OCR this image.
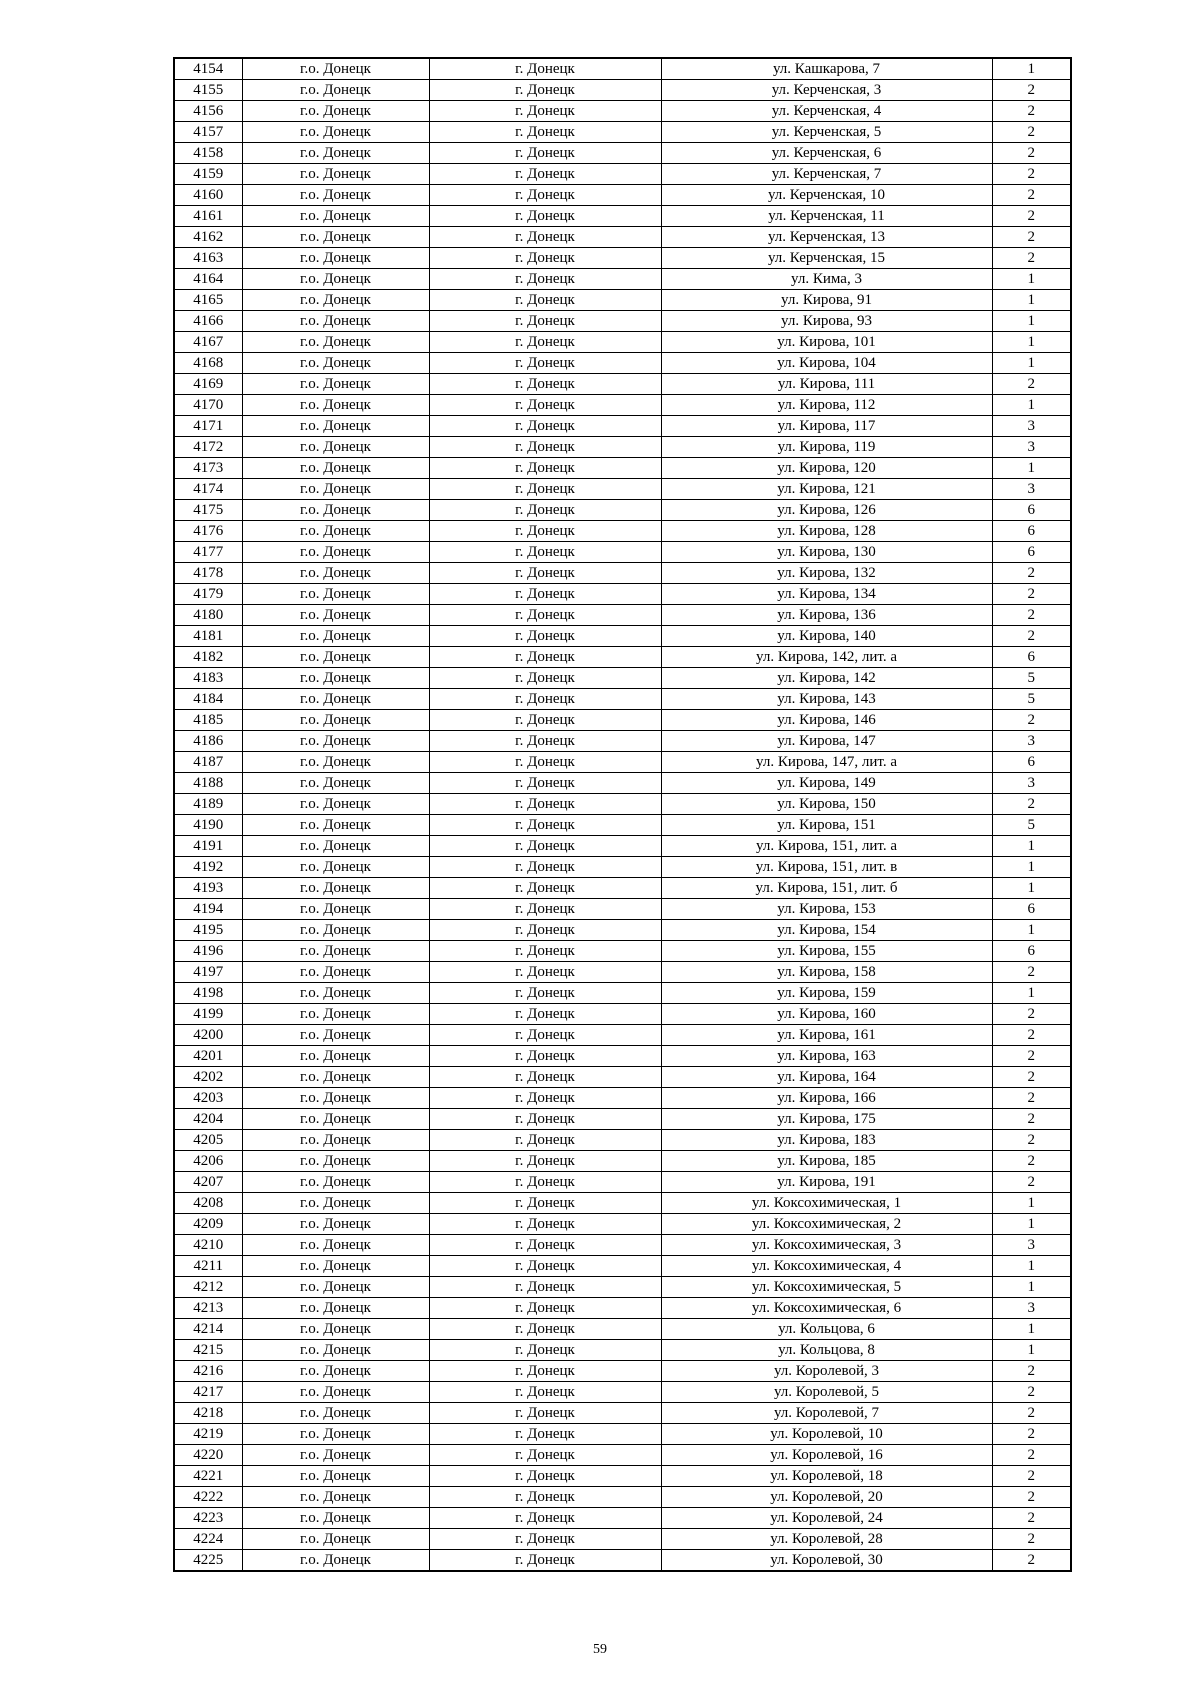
4154	г.о. Донецк	г. Донецк	ул. Кашкарова, 7	1
4155	г.о. Донецк	г. Донецк	ул. Керченская, 3	2
4156	г.о. Донецк	г. Донецк	ул. Керченская, 4	2
4157	г.о. Донецк	г. Донецк	ул. Керченская, 5	2
4158	г.о. Донецк	г. Донецк	ул. Керченская, 6	2
4159	г.о. Донецк	г. Донецк	ул. Керченская, 7	2
4160	г.о. Донецк	г. Донецк	ул. Керченская, 10	2
4161	г.о. Донецк	г. Донецк	ул. Керченская, 11	2
4162	г.о. Донецк	г. Донецк	ул. Керченская, 13	2
4163	г.о. Донецк	г. Донецк	ул. Керченская, 15	2
4164	г.о. Донецк	г. Донецк	ул. Кима, 3	1
4165	г.о. Донецк	г. Донецк	ул. Кирова, 91	1
4166	г.о. Донецк	г. Донецк	ул. Кирова, 93	1
4167	г.о. Донецк	г. Донецк	ул. Кирова, 101	1
4168	г.о. Донецк	г. Донецк	ул. Кирова, 104	1
4169	г.о. Донецк	г. Донецк	ул. Кирова, 111	2
4170	г.о. Донецк	г. Донецк	ул. Кирова, 112	1
4171	г.о. Донецк	г. Донецк	ул. Кирова, 117	3
4172	г.о. Донецк	г. Донецк	ул. Кирова, 119	3
4173	г.о. Донецк	г. Донецк	ул. Кирова, 120	1
4174	г.о. Донецк	г. Донецк	ул. Кирова, 121	3
4175	г.о. Донецк	г. Донецк	ул. Кирова, 126	6
4176	г.о. Донецк	г. Донецк	ул. Кирова, 128	6
4177	г.о. Донецк	г. Донецк	ул. Кирова, 130	6
4178	г.о. Донецк	г. Донецк	ул. Кирова, 132	2
4179	г.о. Донецк	г. Донецк	ул. Кирова, 134	2
4180	г.о. Донецк	г. Донецк	ул. Кирова, 136	2
4181	г.о. Донецк	г. Донецк	ул. Кирова, 140	2
4182	г.о. Донецк	г. Донецк	ул. Кирова, 142, лит. а	6
4183	г.о. Донецк	г. Донецк	ул. Кирова, 142	5
4184	г.о. Донецк	г. Донецк	ул. Кирова, 143	5
4185	г.о. Донецк	г. Донецк	ул. Кирова, 146	2
4186	г.о. Донецк	г. Донецк	ул. Кирова, 147	3
4187	г.о. Донецк	г. Донецк	ул. Кирова, 147, лит. а	6
4188	г.о. Донецк	г. Донецк	ул. Кирова, 149	3
4189	г.о. Донецк	г. Донецк	ул. Кирова, 150	2
4190	г.о. Донецк	г. Донецк	ул. Кирова, 151	5
4191	г.о. Донецк	г. Донецк	ул. Кирова, 151, лит. а	1
4192	г.о. Донецк	г. Донецк	ул. Кирова, 151, лит. в	1
4193	г.о. Донецк	г. Донецк	ул. Кирова, 151, лит. б	1
4194	г.о. Донецк	г. Донецк	ул. Кирова, 153	6
4195	г.о. Донецк	г. Донецк	ул. Кирова, 154	1
4196	г.о. Донецк	г. Донецк	ул. Кирова, 155	6
4197	г.о. Донецк	г. Донецк	ул. Кирова, 158	2
4198	г.о. Донецк	г. Донецк	ул. Кирова, 159	1
4199	г.о. Донецк	г. Донецк	ул. Кирова, 160	2
4200	г.о. Донецк	г. Донецк	ул. Кирова, 161	2
4201	г.о. Донецк	г. Донецк	ул. Кирова, 163	2
4202	г.о. Донецк	г. Донецк	ул. Кирова, 164	2
4203	г.о. Донецк	г. Донецк	ул. Кирова, 166	2
4204	г.о. Донецк	г. Донецк	ул. Кирова, 175	2
4205	г.о. Донецк	г. Донецк	ул. Кирова, 183	2
4206	г.о. Донецк	г. Донецк	ул. Кирова, 185	2
4207	г.о. Донецк	г. Донецк	ул. Кирова, 191	2
4208	г.о. Донецк	г. Донецк	ул. Коксохимическая, 1	1
4209	г.о. Донецк	г. Донецк	ул. Коксохимическая, 2	1
4210	г.о. Донецк	г. Донецк	ул. Коксохимическая, 3	3
4211	г.о. Донецк	г. Донецк	ул. Коксохимическая, 4	1
4212	г.о. Донецк	г. Донецк	ул. Коксохимическая, 5	1
4213	г.о. Донецк	г. Донецк	ул. Коксохимическая, 6	3
4214	г.о. Донецк	г. Донецк	ул. Кольцова, 6	1
4215	г.о. Донецк	г. Донецк	ул. Кольцова, 8	1
4216	г.о. Донецк	г. Донецк	ул. Королевой, 3	2
4217	г.о. Донецк	г. Донецк	ул. Королевой, 5	2
4218	г.о. Донецк	г. Донецк	ул. Королевой, 7	2
4219	г.о. Донецк	г. Донецк	ул. Королевой, 10	2
4220	г.о. Донецк	г. Донецк	ул. Королевой, 16	2
4221	г.о. Донецк	г. Донецк	ул. Королевой, 18	2
4222	г.о. Донецк	г. Донецк	ул. Королевой, 20	2
4223	г.о. Донецк	г. Донецк	ул. Королевой, 24	2
4224	г.о. Донецк	г. Донецк	ул. Королевой, 28	2
4225	г.о. Донецк	г. Донецк	ул. Королевой, 30	2
59
